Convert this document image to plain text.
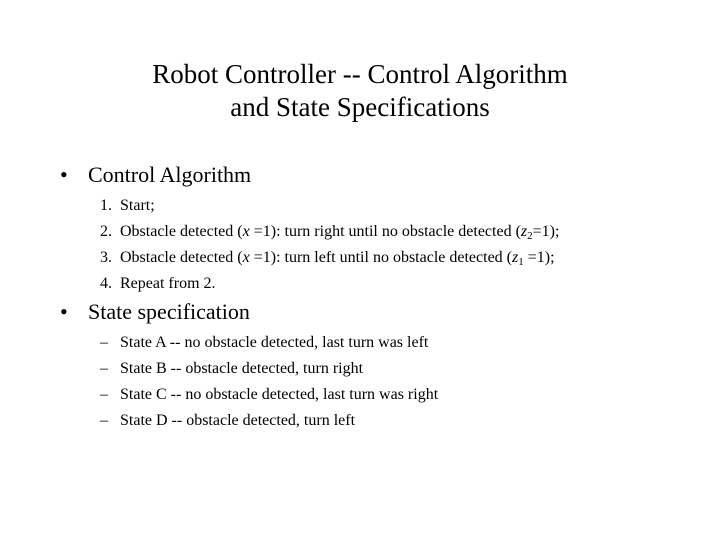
Robot Controller -- Control Algorithm
and State Specifications
• Control Algorithm
1. Start;
2. Obstacle detected (x =1): turn right until no obstacle detected $(z_2=1)$;
3. Obstacle detected (x =1): turn left until no obstacle detected $(z_1 =1)$;
4. Repeat from 2.
• State specification
– State A -- no obstacle detected, last turn was left
– State B -- obstacle detected, turn right
– State C -- no obstacle detected, last turn was right
– State D -- obstacle detected, turn left
